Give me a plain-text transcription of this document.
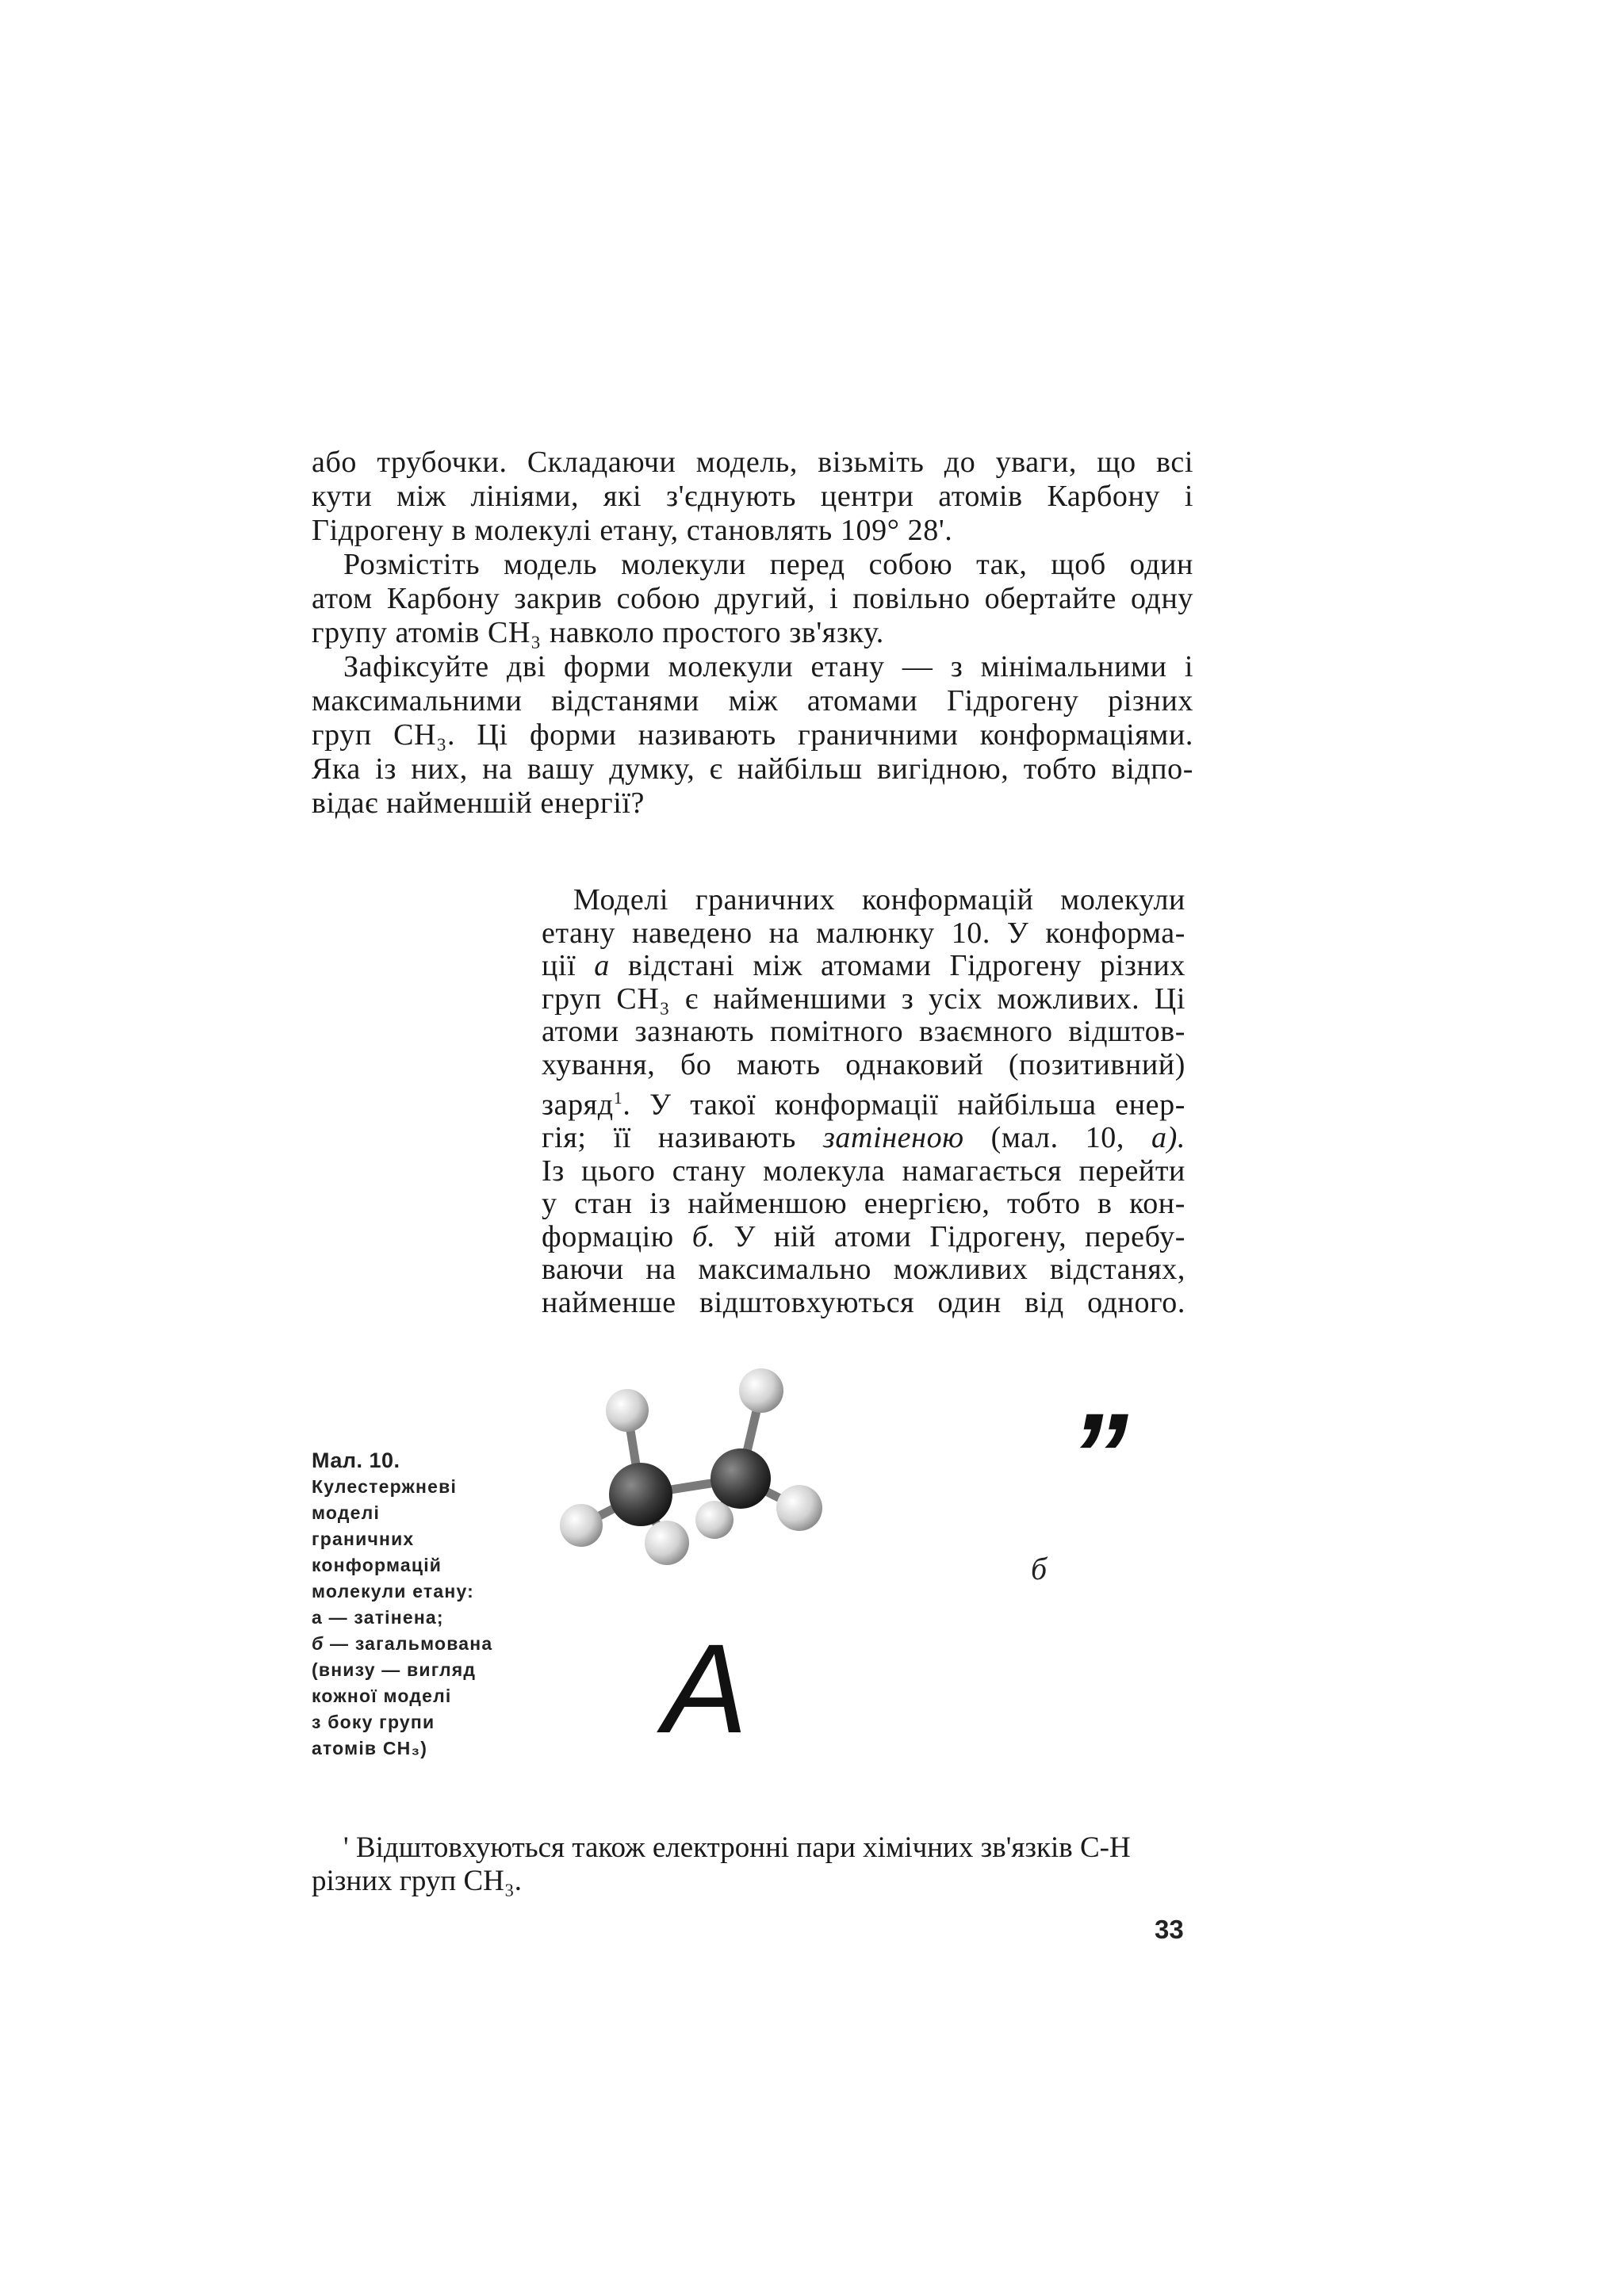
або трубочки. Складаючи модель, візьміть до уваги, що всі
кути між лініями, які з'єднують центри атомів Карбону і
Гідрогену в молекулі етану, становлять 109° 28'.
Розмістіть модель молекули перед собою так, щоб один
атом Карбону закрив собою другий, і повільно обертайте одну
групу атомів CH₃ навколо простого зв'язку.
Зафіксуйте дві форми молекули етану — з мінімальними і
максимальними відстанями між атомами Гідрогену різних
груп CH₃. Ці форми називають граничними конформаціями.
Яка із них, на вашу думку, є найбільш вигідною, тобто відпо-
відає найменшій енергії?
Моделі граничних конформацій молекули
етану наведено на малюнку 10. У конформа-
ції а відстані між атомами Гідрогену різних
груп CH₃ є найменшими з усіх можливих. Ці
атоми зазнають помітного взаємного відштов-
хування, бо мають однаковий (позитивний)
заряд$^1$. У такої конформації найбільша енер-
гія; її називають затіненою (мал. 10, а).
Із цього стану молекула намагається перейти
у стан із найменшою енергією, тобто в кон-
формацію б. У ній атоми Гідрогену, перебу-
ваючи на максимально можливих відстанях,
найменше відштовхуються один від одного.
Мал. 10.
Кулестержневі
моделі
граничних
конформацій
молекули етану:
а — затінена;
б — загальмована
(внизу — вигляд
кожної моделі
з боку групи
атомів CH₃)
”
б
A
' Відштовхуються також електронні пари хімічних зв'язків С-Н
різних груп CH₃.
33
